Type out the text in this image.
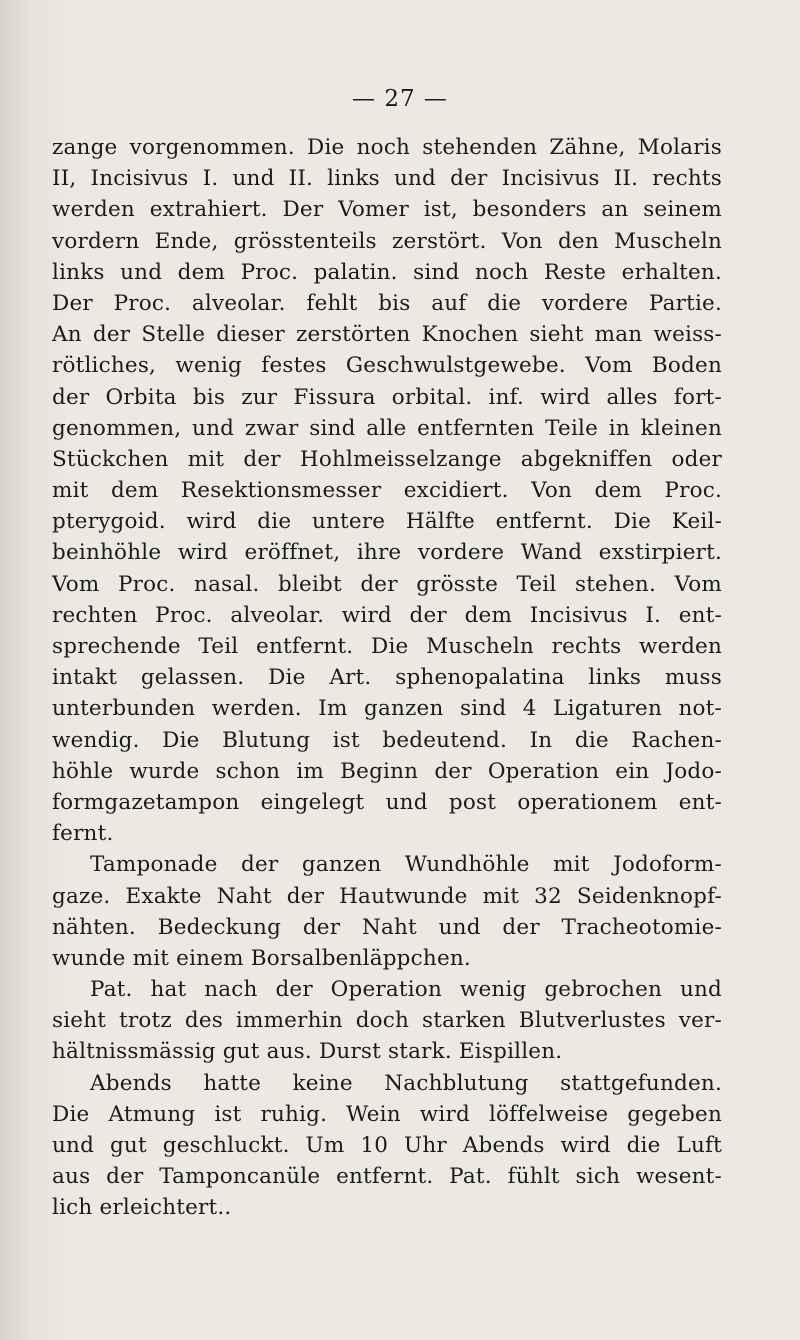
— 27 —
zange vorgenommen. Die noch stehenden Zähne, Molaris
II, Incisivus I. und II. links und der Incisivus II. rechts
werden extrahiert. Der Vomer ist, besonders an seinem
vordern Ende, grösstenteils zerstört. Von den Muscheln
links und dem Proc. palatin. sind noch Reste erhalten.
Der Proc. alveolar. fehlt bis auf die vordere Partie.
An der Stelle dieser zerstörten Knochen sieht man weiss-
rötliches, wenig festes Geschwulstgewebe. Vom Boden
der Orbita bis zur Fissura orbital. inf. wird alles fort-
genommen, und zwar sind alle entfernten Teile in kleinen
Stückchen mit der Hohlmeisselzange abgekniffen oder
mit dem Resektionsmesser excidiert. Von dem Proc.
pterygoid. wird die untere Hälfte entfernt. Die Keil-
beinhöhle wird eröffnet, ihre vordere Wand exstirpiert.
Vom Proc. nasal. bleibt der grösste Teil stehen. Vom
rechten Proc. alveolar. wird der dem Incisivus I. ent-
sprechende Teil entfernt. Die Muscheln rechts werden
intakt gelassen. Die Art. sphenopalatina links muss
unterbunden werden. Im ganzen sind 4 Ligaturen not-
wendig. Die Blutung ist bedeutend. In die Rachen-
höhle wurde schon im Beginn der Operation ein Jodo-
formgazetampon eingelegt und post operationem ent-
fernt.
Tamponade der ganzen Wundhöhle mit Jodoform-
gaze. Exakte Naht der Hautwunde mit 32 Seidenknopf-
nähten. Bedeckung der Naht und der Tracheotomie-
wunde mit einem Borsalbenläppchen.
Pat. hat nach der Operation wenig gebrochen und
sieht trotz des immerhin doch starken Blutverlustes ver-
hältnissmässig gut aus. Durst stark. Eispillen.
Abends hatte keine Nachblutung stattgefunden.
Die Atmung ist ruhig. Wein wird löffelweise gegeben
und gut geschluckt. Um 10 Uhr Abends wird die Luft
aus der Tamponcanüle entfernt. Pat. fühlt sich wesent-
lich erleichtert..
